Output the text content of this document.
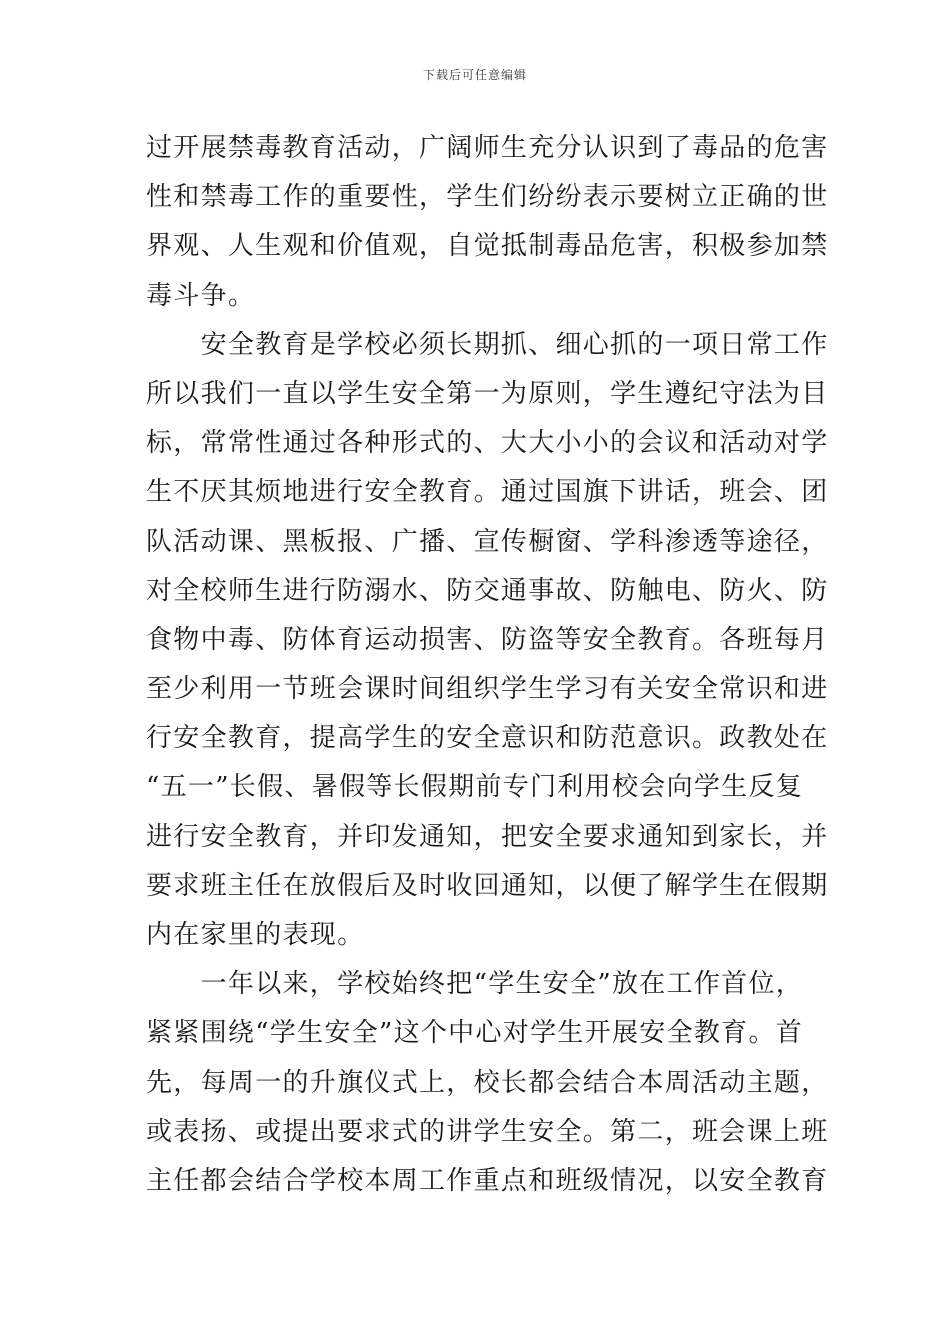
下载后可任意编辑
过开展禁毒教育活动，广阔师生充分认识到了毒品的危害
性和禁毒工作的重要性，学生们纷纷表示要树立正确的世
界观、人生观和价值观，自觉抵制毒品危害，积极参加禁
毒斗争。
　　安全教育是学校必须长期抓、细心抓的一项日常工作
所以我们一直以学生安全第一为原则，学生遵纪守法为目
标，常常性通过各种形式的、大大小小的会议和活动对学
生不厌其烦地进行安全教育。通过国旗下讲话，班会、团
队活动课、黑板报、广播、宣传橱窗、学科渗透等途径，
对全校师生进行防溺水、防交通事故、防触电、防火、防
食物中毒、防体育运动损害、防盗等安全教育。各班每月
至少利用一节班会课时间组织学生学习有关安全常识和进
行安全教育，提高学生的安全意识和防范意识。政教处在
“五一”长假、暑假等长假期前专门利用校会向学生反复
进行安全教育，并印发通知，把安全要求通知到家长，并
要求班主任在放假后及时收回通知，以便了解学生在假期
内在家里的表现。
　　一年以来，学校始终把“学生安全”放在工作首位，
紧紧围绕“学生安全”这个中心对学生开展安全教育。首
先，每周一的升旗仪式上，校长都会结合本周活动主题，
或表扬、或提出要求式的讲学生安全。第二，班会课上班
主任都会结合学校本周工作重点和班级情况，以安全教育
